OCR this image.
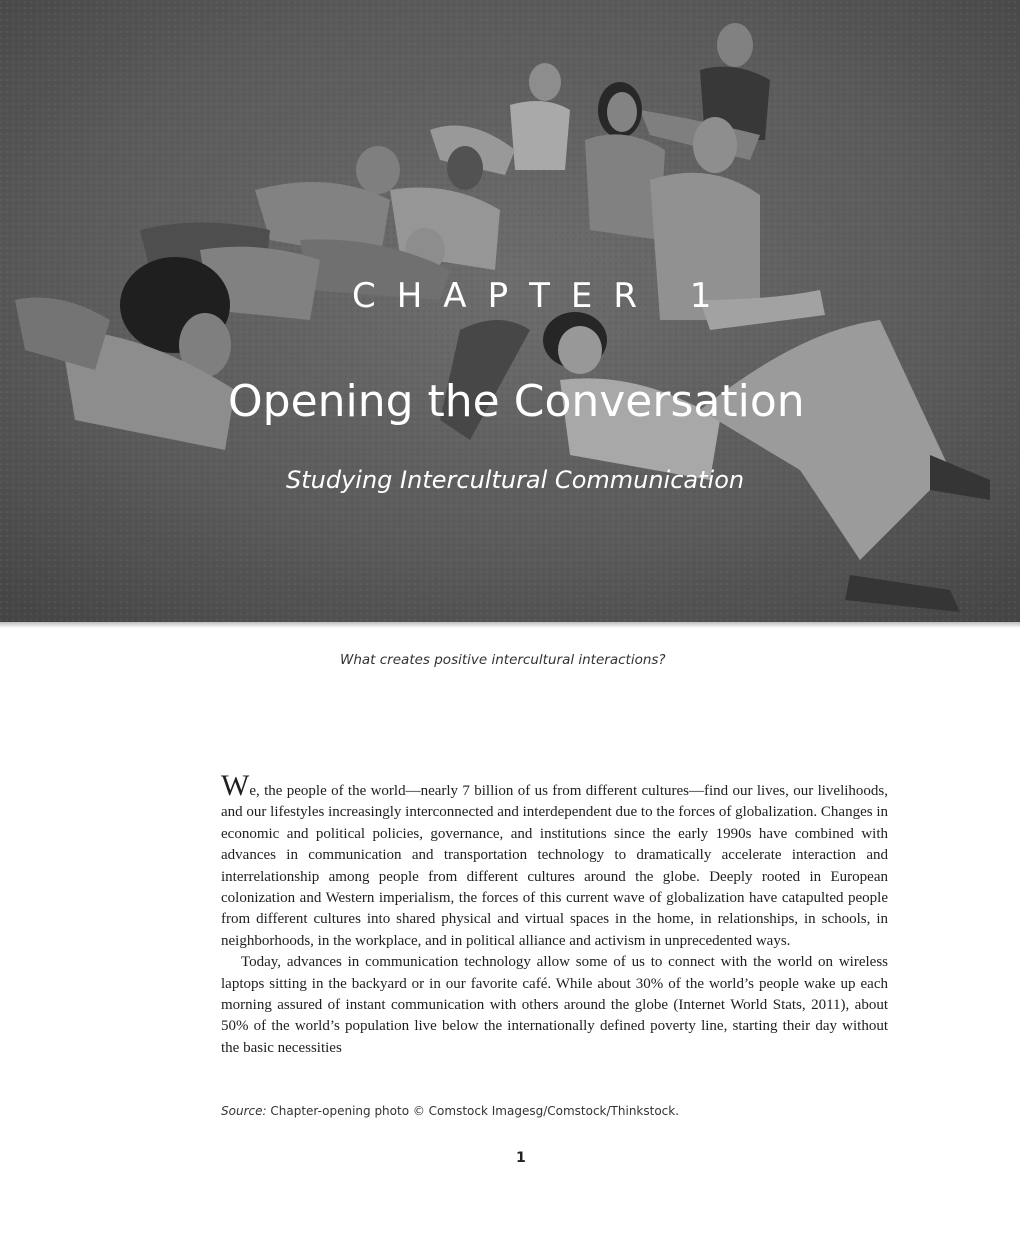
CHAPTER 1
Opening the Conversation
Studying Intercultural Communication

What creates positive intercultural interactions?

We, the people of the world—nearly 7 billion of us from different cultures—find our lives, our livelihoods, and our lifestyles increasingly interconnected and interdependent due to the forces of globalization. Changes in economic and political policies, governance, and institutions since the early 1990s have combined with advances in communication and transportation technology to dramatically accelerate interaction and interrelationship among people from different cultures around the globe. Deeply rooted in European colonization and Western imperialism, the forces of this current wave of globalization have catapulted people from different cultures into shared physical and virtual spaces in the home, in relationships, in schools, in neighborhoods, in the workplace, and in political alliance and activism in unprecedented ways.

Today, advances in communication technology allow some of us to connect with the world on wireless laptops sitting in the backyard or in our favorite café. While about 30% of the world’s people wake up each morning assured of instant communication with others around the globe (Internet World Stats, 2011), about 50% of the world’s population live below the internationally defined poverty line, starting their day without the basic necessities

Source: Chapter-opening photo © Comstock Imagesg/Comstock/Thinkstock.

1
